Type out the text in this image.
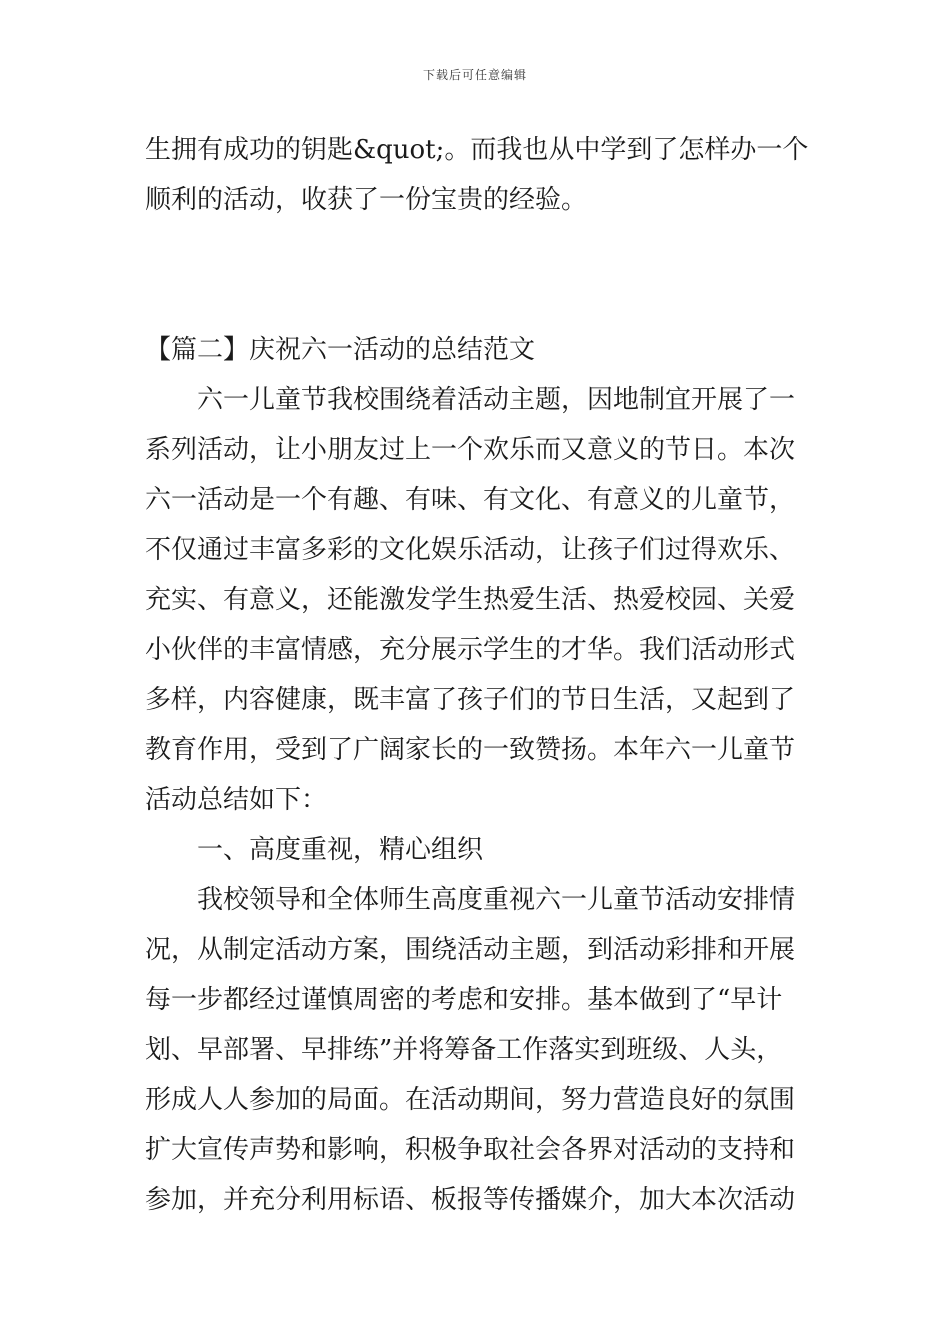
下载后可任意编辑
生拥有成功的钥匙&quot;。而我也从中学到了怎样办一个
顺利的活动，收获了一份宝贵的经验。
【篇二】庆祝六一活动的总结范文
六一儿童节我校围绕着活动主题，因地制宜开展了一
系列活动，让小朋友过上一个欢乐而又意义的节日。本次
六一活动是一个有趣、有味、有文化、有意义的儿童节，
不仅通过丰富多彩的文化娱乐活动，让孩子们过得欢乐、
充实、有意义，还能激发学生热爱生活、热爱校园、关爱
小伙伴的丰富情感，充分展示学生的才华。我们活动形式
多样，内容健康，既丰富了孩子们的节日生活，又起到了
教育作用，受到了广阔家长的一致赞扬。本年六一儿童节
活动总结如下：
一、高度重视，精心组织
我校领导和全体师生高度重视六一儿童节活动安排情
况，从制定活动方案，围绕活动主题，到活动彩排和开展
每一步都经过谨慎周密的考虑和安排。基本做到了“早计
划、早部署、早排练”并将筹备工作落实到班级、人头，
形成人人参加的局面。在活动期间，努力营造良好的氛围
扩大宣传声势和影响，积极争取社会各界对活动的支持和
参加，并充分利用标语、板报等传播媒介，加大本次活动
